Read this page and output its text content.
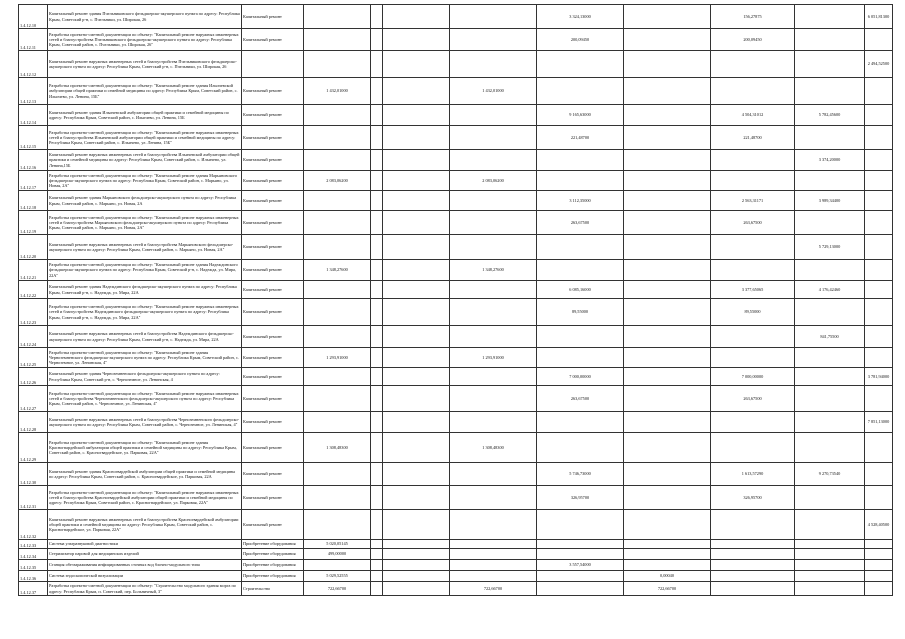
1.4.12.10	Капитальный ремонт здания Пчельниковского фельдшерско-акушерского пункта по адресу: Республика Крым, Советский р-н, с. Пчельники, ул. Широкая, 26	Капитальный ремонт					3 324,13000		156,27875		6 051,81300	
1.4.12.11	Разработка проектно-сметной документации по объекту: "Капитальный ремонт наружных инженерных сетей и благоустройства Пчельниковского фельдшерско-акушерского пункта по адресу: Республика Крым, Советский район, с. Пчельники, ул. Широкая, 26"	Капитальный ремонт					200,09450		200,09450			
1.4.12.12	Капитальный ремонт наружных инженерных сетей и благоустройства Пчельниковского фельдшерско-акушерского пункта по адресу: Республика Крым, Советский р-н, с. Пчельники, ул. Широкая, 26										2 494,52500	
1.4.12.13	Разработка проектно-сметной документации по объекту: "Капитальный ремонт здания Ильичевской амбулатории общей практики и семейной медицины по адресу: Республика Крым, Советский район, с. Ильичево, ул. Ленина, 15Б"	Капитальный ремонт	1 432,01000			1 432,01000						
1.4.12.14	Капитальный ремонт здания Ильичевской амбулатории общей практики и семейной медицины по адресу: Республика Крым, Советский район, с. Ильичево, ул. Ленина, 15Б	Капитальный ремонт					9 165,63000		4 504,31012	5 782,45600		
1.4.12.15	Разработка проектно-сметной документации по объекту: "Капитальный ремонт наружных инженерных сетей и благоустройства Ильичевской амбулатории общей практики и семейной медицины по адресу: Республика Крым, Советский район, с. Ильичево, ул. Ленина, 15Б"	Капитальный ремонт					221,48700		221,48700			
1.4.12.16	Капитальный ремонт наружных инженерных сетей и благоустройства Ильичевской амбулатории общей практики и семейной медицины по адресу: Республика Крым, Советский район, с. Ильичево, ул. Ленина,15Б	Капитальный ремонт								3 374,20000		
1.4.12.17	Разработка проектно-сметной документации по объекту: "Капитальный ремонт здания Марьяновского фельдшерско-акушерского пункта по адресу: Республика Крым, Советский район, с. Марьяно, ул. Новая, 2А"	Капитальный ремонт	2 083,06200			2 083,06200						
1.4.12.18	Капитальный ремонт здания Марьяновского фельдшерско-акушерского пункта по адресу: Республика Крым, Советский район, с. Марьяно, ул. Новая, 2А	Капитальный ремонт					3 112,35000		2 563,31171	3 989,34400		
1.4.12.19	Разработка проектно-сметной документации по объекту: "Капитальный ремонт наружных инженерных сетей и благоустройства Марьяновского фельдшерско-акушерского пункта по адресу: Республика Крым, Советский район, с. Марьяно, ул. Новая, 2А"	Капитальный ремонт					263,67500		263,67500			
1.4.12.20	Капитальный ремонт наружных инженерных сетей и благоустройства Марьяновского фельдшерско-акушерского пункта по адресу: Республика Крым, Советский район, с. Марьяно, ул. Новая, 2А"	Капитальный ремонт								5 729,13000		
1.4.12.21	Разработка проектно-сметной документации по объекту: "Капитальный ремонт здания Надеждинского фельдшерско-акушерского пункта по адресу: Республика Крым, Советский р-н, с. Надежда, ул. Мира, 22А"	Капитальный ремонт	1 348,27600			1 348,27600						
1.4.12.22	Капитальный ремонт здания Надеждинского фельдшерско-акушерского пункта по адресу: Республика Крым, Советский р-н, с. Надежда, ул. Мира, 22А	Капитальный ремонт					6 085,16000		3 377,65065	4 176,42460		
1.4.12.23	Разработка проектно-сметной документации по объекту: "Капитальный ремонт наружных инженерных сетей и благоустройства Надеждинского фельдшерско-акушерского пункта по адресу: Республика Крым, Советский р-н, с. Надежда, ул. Мира, 22А"	Капитальный ремонт					89,55000		89,55000			
1.4.12.24	Капитальный ремонт наружных инженерных сетей и благоустройства Надеждинского фельдшерско-акушерского пункта по адресу: Республика Крым, Советский р-н, с. Надежда, ул. Мира, 22А	Капитальный ремонт								841,75500		
1.4.12.25	Разработка проектно-сметной документации по объекту: "Капитальный ремонт здания Черноземненского фельдшерско-акушерского пункта по адресу: Республика Крым, Советский район, с. Черноземное, ул. Ленинская, 4"	Капитальный ремонт	1 293,91000			1 293,91000						
1.4.12.26	Капитальный ремонт здания Черноземненского фельдшерско-акушерского пункта по адресу: Республика Крым, Советский р-н, с. Черноземное, ул. Ленинская, 4	Капитальный ремонт					7 000,00000		7 000,00000		3 781,94000	
1.4.12.27	Разработка проектно-сметной документации по объекту: "Капитальный ремонт наружных инженерных сетей и благоустройства Черноземненского фельдшерско-акушерского пункта по адресу: Республика Крым, Советский район, с. Черноземное, ул. Ленинская, 4"	Капитальный ремонт					263,67500		263,67500			
1.4.12.28	Капитальный ремонт наружных инженерных сетей и благоустройства Черноземненского фельдшерско-акушерского пункта по адресу: Республика Крым, Советский район, с. Черноземное, ул. Ленинская, 4"	Капитальный ремонт									7 851,13000	
1.4.12.29	Разработка проектно-сметной документации по объекту: "Капитальный ремонт здания Красногвардейской амбулатории общей практики и семейной медицины по адресу: Республика Крым, Советский район, с. Красногвардейское, ул. Парковая, 22А"	Капитальный ремонт	1 308,48300			1 308,48300						
1.4.12.30	Капитальный ремонт здания Красногвардейской амбулатории общей практики и семейной медицины по адресу: Республика Крым, Советский район, с. Красногвардейское, ул. Парковая, 22А	Капитальный ремонт					5 746,73000		1 613,57290	9 270,73540		
1.4.12.31	Разработка проектно-сметной документации по объекту: "Капитальный ремонт наружных инженерных сетей и благоустройства Красногвардейской амбулатории общей практики и семейной медицины по адресу: Республика Крым, Советский район, с. Красногвардейское, ул. Парковая, 22А"	Капитальный ремонт					326,95700		326,95700			
1.4.12.32	Капитальный ремонт наружных инженерных сетей и благоустройства Красногвардейской амбулатории общей практики и семейной медицины по адресу: Республика Крым, Советский район, с. Красногвардейское, ул. Парковая, 22А"	Капитальный ремонт									4 528,40500	
1.4.12.33	Система ультразвуковой диагностики	Приобретение оборудования	5 020,05145									
1.4.12.34	Стерилизатор паровой для медицинских изделий	Приобретение оборудования	499,00000									
1.4.12.35	Станция обеззараживания инфицированных сточных вод блочно-модульного типа	Приобретение оборудования					3 557,54000					
1.4.12.36	Система эндоскопической визуализации	Приобретение оборудования	5 029,52555					0,00040				
1.4.12.37	Разработка проектно-сметной документации по объекту: "Строительство модульного здания морга по адресу: Республика Крым, п. Советский, пер. Больничный, 3"	Строительство	722,66700			722,66700		722,66700				
